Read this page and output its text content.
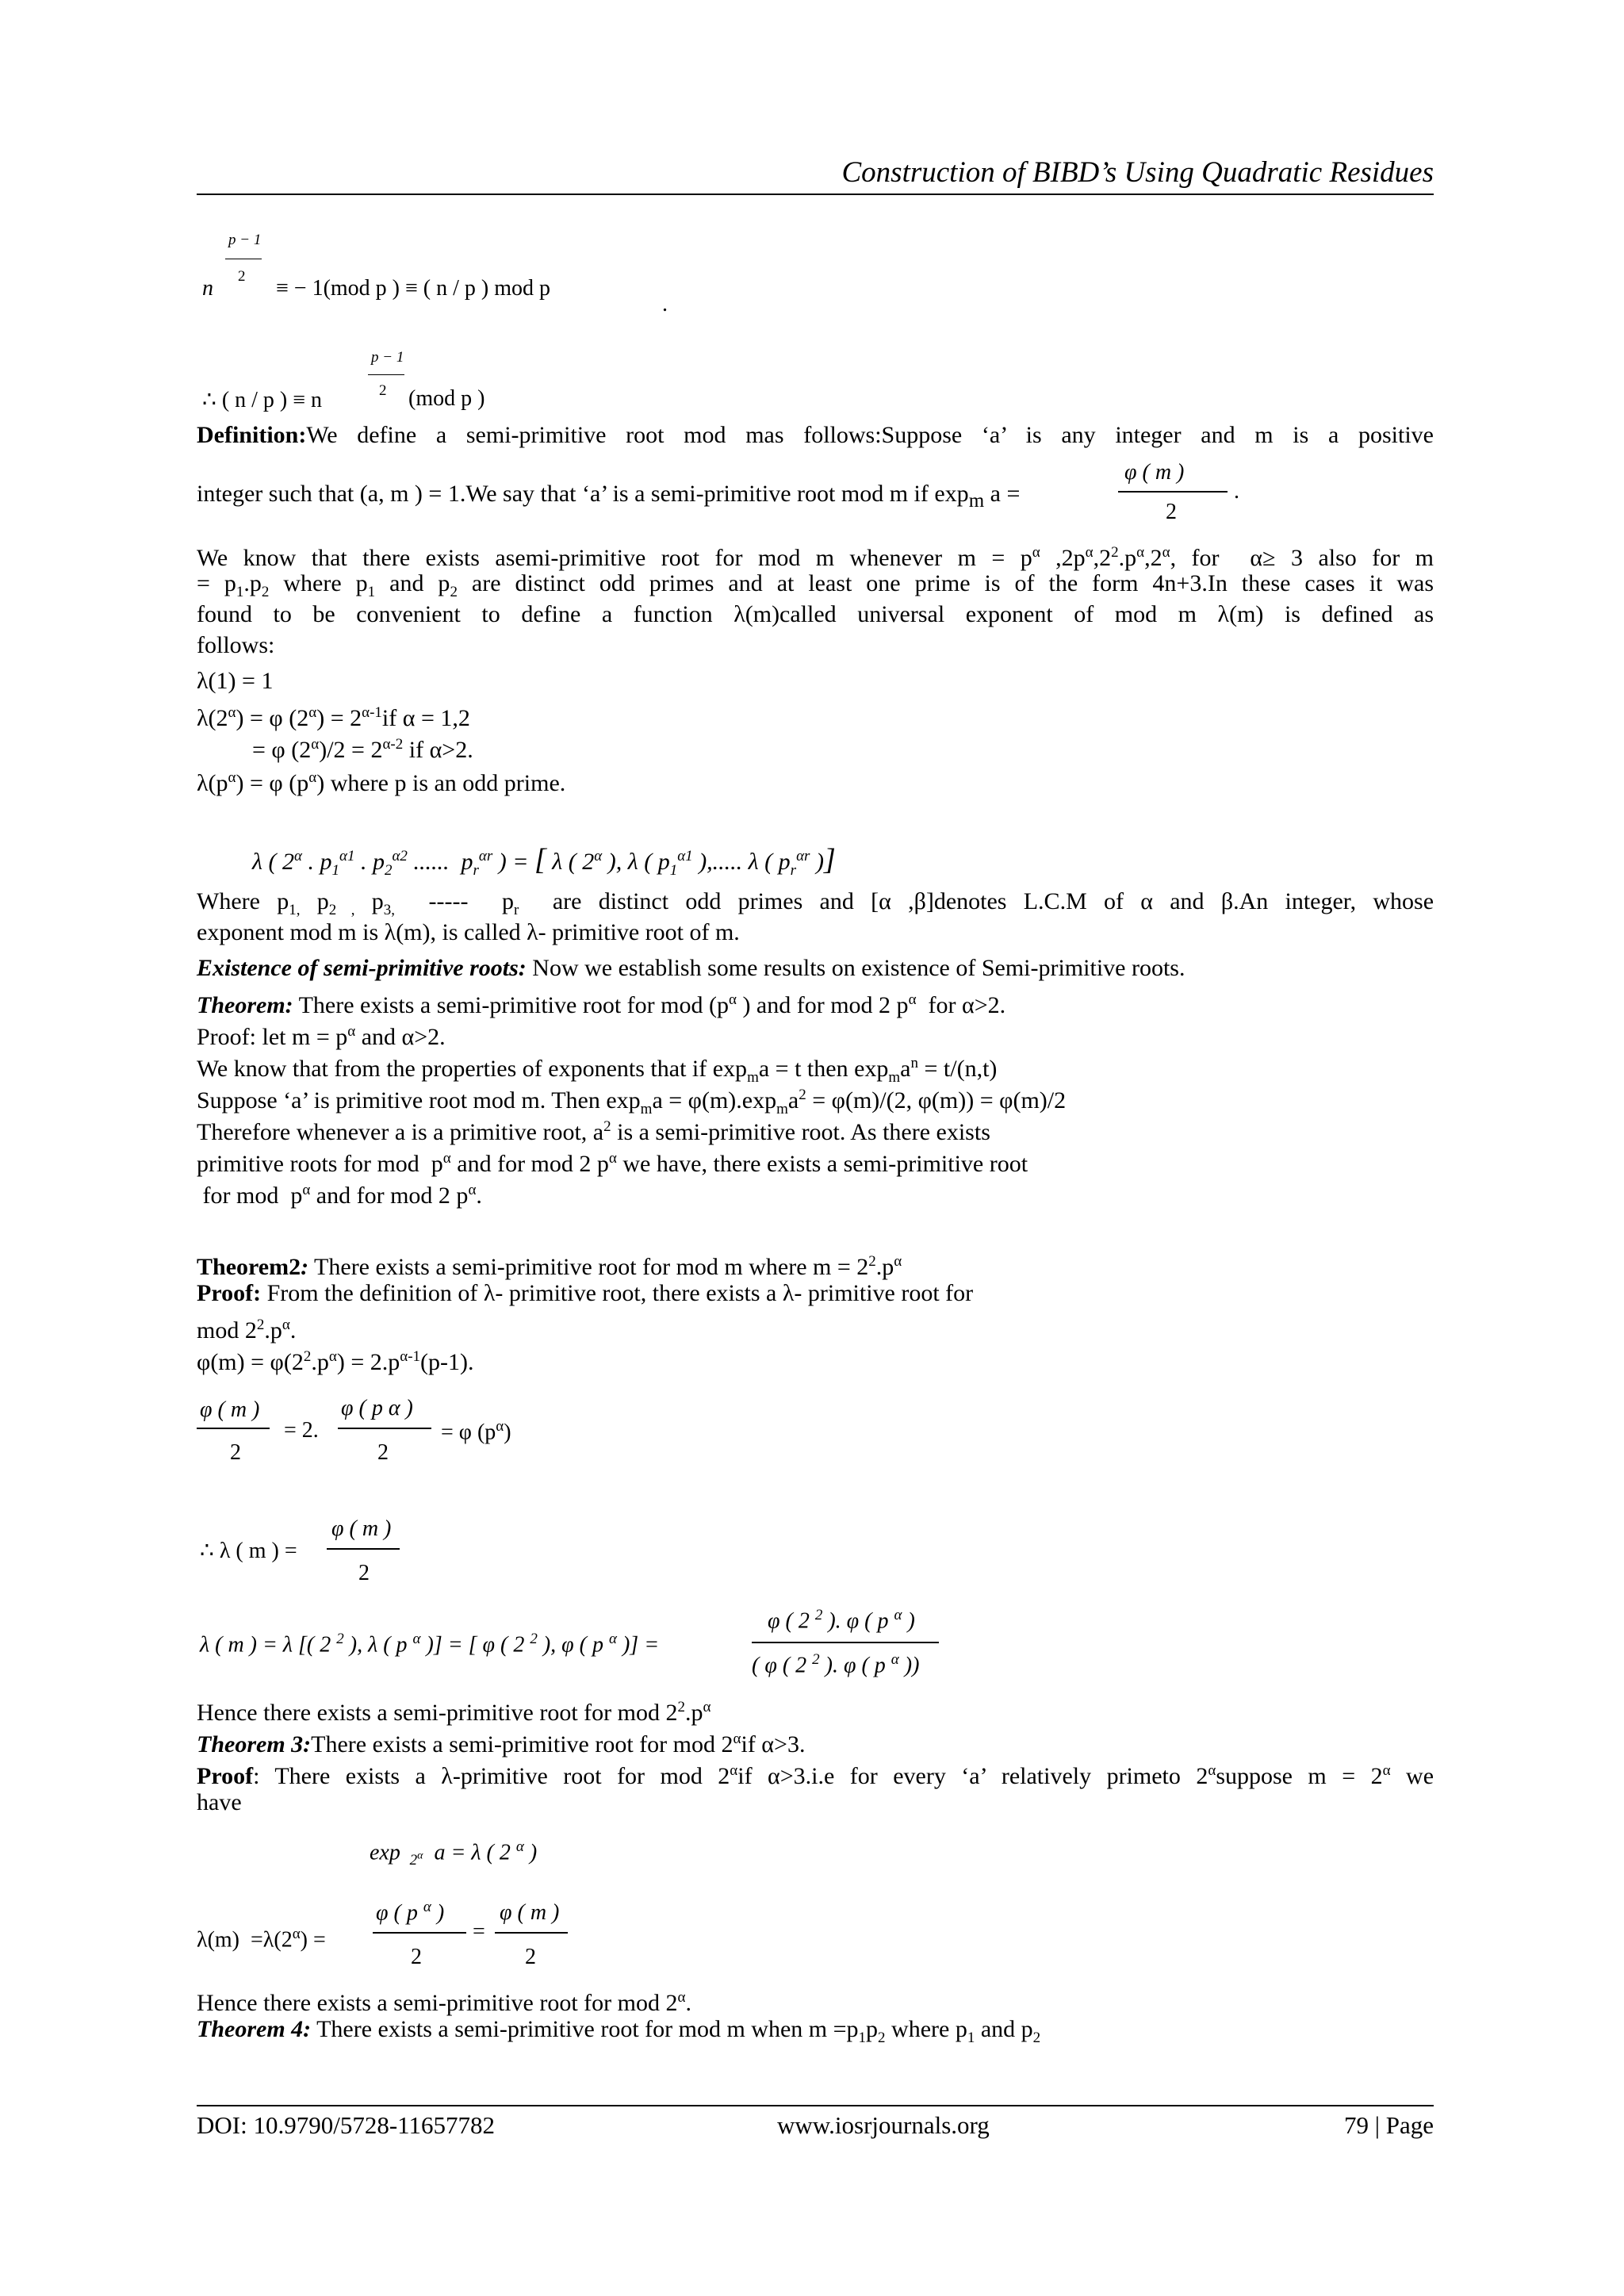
Construction of BIBD’s Using Quadratic Residues
n
p − 1
2 ≡ − 1(mod p ) ≡ ( n / p ) mod p
.
∴ ( n / p ) ≡ n
p − 1
2 (mod p )
Definition:We define a semi-primitive root mod mas follows:Suppose ‘a’ is any integer and m is a positive
integer such that (a, m ) = 1.We say that ‘a’ is a semi-primitive root mod m if $\exp_m a$ =
φ ( m )
2
.
We know that there exists asemi-primitive root for mod m whenever $m = p^\alpha$ $,2p^\alpha,2^2.p^\alpha,2^\alpha$, for  α≥ 3 also for m
= $p_1.p_2$ where $p_1$ and $p_2$ are distinct odd primes and at least one prime is of the form 4n+3.In these cases it was
found to be convenient to define a function λ(m)called universal exponent of mod m λ(m) is defined as
follows:
λ(1) = 1
$\lambda(2^\alpha) = \varphi$ $(2^\alpha) = 2^{\alpha-1}if$ α = 1,2
= φ $(2^\alpha)/2 = 2^{\alpha-2}$ if α>2.
$\lambda(p^\alpha) = \varphi$ $(p^\alpha)$ where p is an odd prime.
λ ( $2^\alpha$ . $p_1^{\alpha 1}$ . $p_2^{\alpha 2}$ ......  $p_r^{\alpha r}$ ) = [ λ ( $2^\alpha$ ), λ ( $p_1^{\alpha 1}$ ),..... λ ( $p_r^{\alpha r}$ )]
Where $p_{1,}$ $p_{2 ,}$ $p_{3,}$  -----  $p_r$  are distinct odd primes and [α ,β]denotes L.C.M of α and β.An integer, whose
exponent mod m is λ(m), is called λ- primitive root of m.
Existence of semi-primitive roots: Now we establish some results on existence of Semi-primitive roots.
Theorem: There exists a semi-primitive root for mod ($p^\alpha$ ) and for mod 2 $p^\alpha$  for α>2.
Proof: let $m = p^\alpha$ and α>2.
We know that from the properties of exponents that if $\exp_ma = t$ then $\exp_ma^n = t/(n,t)$
Suppose ‘a’ is primitive root mod m. Then $\exp_ma = \varphi(m).\exp_ma^2 = \varphi(m)/(2$, φ(m)) = φ(m)/2
Therefore whenever a is a primitive root, $a^2$ is a semi-primitive root. As there exists
primitive roots for mod  $p^\alpha$ and for mod 2 $p^\alpha$ we have, there exists a semi-primitive root
for mod  $p^\alpha$ and for mod 2 $p^\alpha$.
Theorem2: There exists a semi-primitive root for mod m where $m = 2^2.p^\alpha$
Proof: From the definition of λ- primitive root, there exists a λ- primitive root for
mod $2^2.p^\alpha$.
$\varphi(m) = \varphi(2^2.p^\alpha) = 2.p^{\alpha-1}(p-1)$.
φ ( m )
2
= 2.
φ ( p α )
2
= φ $(p^\alpha)$
∴ λ ( m ) =
φ ( m )
2
λ ( m ) = λ [( 2 $^2$ ), λ ( p $^\alpha$ )] = [ φ ( 2 $^2$ ), φ ( p $^\alpha$ )] =
φ ( 2 $^2$ ). φ ( p $^\alpha$ )
( φ ( 2 $^2$ ). φ ( p $^\alpha$ ))
Hence there exists a semi-primitive root for mod $2^2.p^\alpha$
Theorem 3:There exists a semi-primitive root for mod $2^\alpha if$ α>3.
Proof: There exists a λ-primitive root for mod $2^\alpha if$ α>3.i.e for every ‘a’ relatively primeto $2^\alpha suppose$ $m = 2^\alpha$ we
have
exp  $_{2^\alpha}$  a = λ ( 2 $^\alpha$ )
$\lambda(m) =\lambda(2^\alpha)$ =
φ ( p $^\alpha$ )
2
=
φ ( m )
2
Hence there exists a semi-primitive root for mod $2^\alpha$.
Theorem 4: There exists a semi-primitive root for mod m when $m =p_1p_2$ where $p_1$ and $p_2$
DOI: 10.9790/5728-11657782	www.iosrjournals.org	79 | Page
